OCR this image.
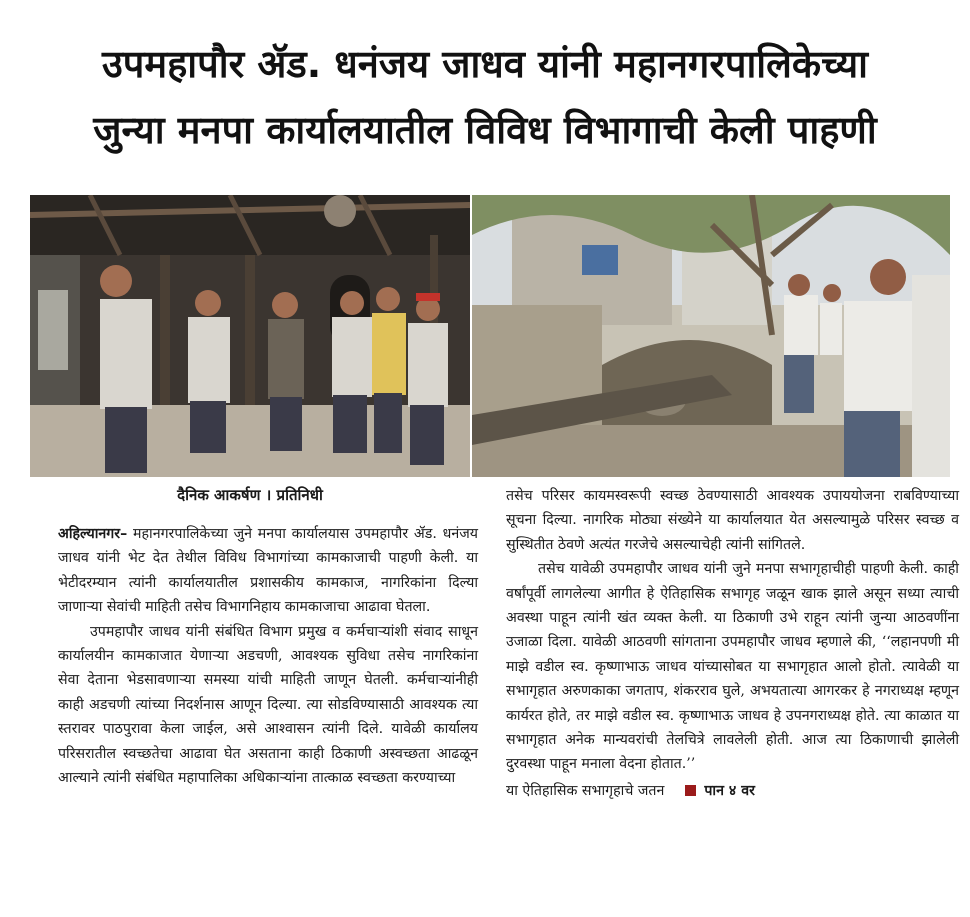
उपमहापौर ॲड. धनंजय जाधव यांनी महानगरपालिकेच्या
जुन्या मनपा कार्यालयातील विविध विभागाची केली पाहणी
दैनिक आकर्षण । प्रतिनिधी

अहिल्यानगर– महानगरपालिकेच्या जुने मनपा कार्यालयास उपमहापौर ॲड. धनंजय जाधव यांनी भेट देत तेथील विविध विभागांच्या कामकाजाची पाहणी केली. या भेटीदरम्यान त्यांनी कार्यालयातील प्रशासकीय कामकाज, नागरिकांना दिल्या जाणाऱ्या सेवांची माहिती तसेच विभागनिहाय कामकाजाचा आढावा घेतला.

उपमहापौर जाधव यांनी संबंधित विभाग प्रमुख व कर्मचाऱ्यांशी संवाद साधून कार्यालयीन कामकाजात येणाऱ्या अडचणी, आवश्यक सुविधा तसेच नागरिकांना सेवा देताना भेडसावणाऱ्या समस्या यांची माहिती जाणून घेतली. कर्मचाऱ्यांनीही काही अडचणी त्यांच्या निदर्शनास आणून दिल्या. त्या सोडविण्यासाठी आवश्यक त्या स्तरावर पाठपुरावा केला जाईल, असे आश्वासन त्यांनी दिले. यावेळी कार्यालय परिसरातील स्वच्छतेचा आढावा घेत असताना काही ठिकाणी अस्वच्छता आढळून आल्याने त्यांनी संबंधित महापालिका अधिकाऱ्यांना तात्काळ स्वच्छता करण्याच्या

तसेच परिसर कायमस्वरूपी स्वच्छ ठेवण्यासाठी आवश्यक उपाययोजना राबविण्याच्या सूचना दिल्या. नागरिक मोठ्या संख्येने या कार्यालयात येत असल्यामुळे परिसर स्वच्छ व सुस्थितीत ठेवणे अत्यंत गरजेचे असल्याचेही त्यांनी सांगितले.

तसेच यावेळी उपमहापौर जाधव यांनी जुने मनपा सभागृहाचीही पाहणी केली. काही वर्षांपूर्वी लागलेल्या आगीत हे ऐतिहासिक सभागृह जळून खाक झाले असून सध्या त्याची अवस्था पाहून त्यांनी खंत व्यक्त केली. या ठिकाणी उभे राहून त्यांनी जुन्या आठवणींना उजाळा दिला. यावेळी आठवणी सांगताना उपमहापौर जाधव म्हणाले की, ‘‘लहानपणी मी माझे वडील स्व. कृष्णाभाऊ जाधव यांच्यासोबत या सभागृहात आलो होतो. त्यावेळी या सभागृहात अरुणकाका जगताप, शंकरराव घुले, अभयतात्या आगरकर हे नगराध्यक्ष म्हणून कार्यरत होते, तर माझे वडील स्व. कृष्णाभाऊ जाधव हे उपनगराध्यक्ष होते. त्या काळात या सभागृहात अनेक मान्यवरांची तेलचित्रे लावलेली होती. आज त्या ठिकाणाची झालेली दुरवस्था पाहून मनाला वेदना होतात.’’

या ऐतिहासिक सभागृहाचे जतन	पान ४ वर
